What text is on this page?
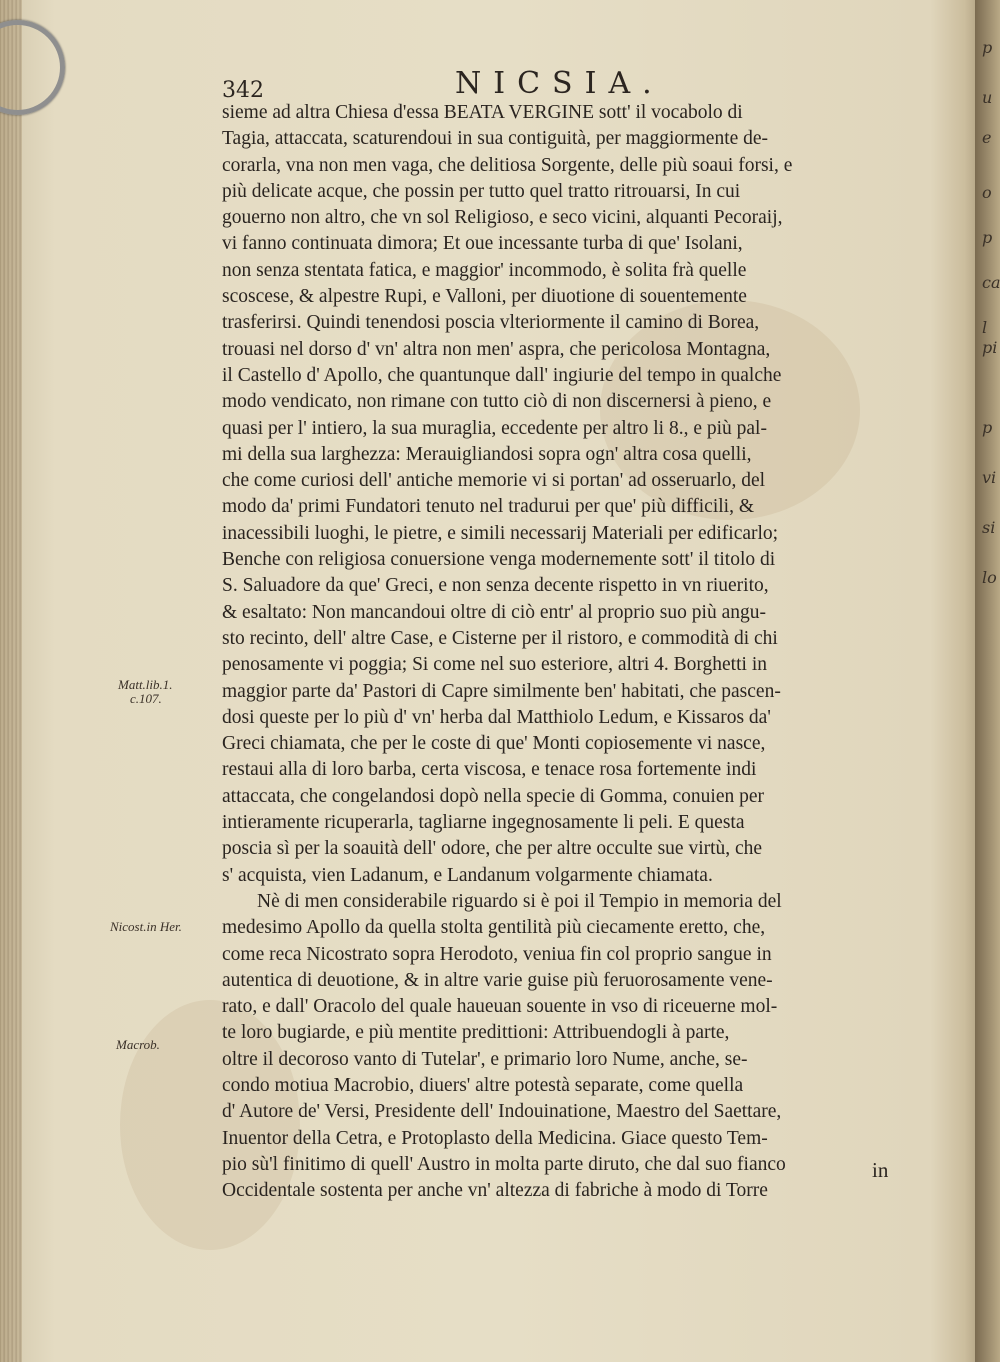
p
u
e
o
p
ca
l
pi
p
vi
si
lo
342	NICSIA.
Matt.lib.1.
c.107.
Nicost.in Her.
Macrob.
sieme ad altra Chiesa d'essa BEATA VERGINE sott' il vocabolo di
Tagia, attaccata, scaturendoui in sua contiguità, per maggiormente de-
corarla, vna non men vaga, che delitiosa Sorgente, delle più soaui forsi, e
più delicate acque, che possin per tutto quel tratto ritrouarsi, In cui
gouerno non altro, che vn sol Religioso, e seco vicini, alquanti Pecoraij,
vi fanno continuata dimora; Et oue incessante turba di que' Isolani,
non senza stentata fatica, e maggior' incommodo, è solita frà quelle
scoscese, & alpestre Rupi, e Valloni, per diuotione di souentemente
trasferirsi. Quindi tenendosi poscia vlteriormente il camino di Borea,
trouasi nel dorso d' vn' altra non men' aspra, che pericolosa Montagna,
il Castello d' Apollo, che quantunque dall' ingiurie del tempo in qualche
modo vendicato, non rimane con tutto ciò di non discernersi à pieno, e
quasi per l' intiero, la sua muraglia, eccedente per altro li 8., e più pal-
mi della sua larghezza: Merauigliandosi sopra ogn' altra cosa quelli,
che come curiosi dell' antiche memorie vi si portan' ad osseruarlo, del
modo da' primi Fundatori tenuto nel tradurui per que' più difficili, &
inacessibili luoghi, le pietre, e simili necessarij Materiali per edificarlo;
Benche con religiosa conuersione venga modernemente sott' il titolo di
S. Saluadore da que' Greci, e non senza decente rispetto in vn riuerito,
& esaltato: Non mancandoui oltre di ciò entr' al proprio suo più angu-
sto recinto, dell' altre Case, e Cisterne per il ristoro, e commodità di chi
penosamente vi poggia; Si come nel suo esteriore, altri 4. Borghetti in
maggior parte da' Pastori di Capre similmente ben' habitati, che pascen-
dosi queste per lo più d' vn' herba dal Matthiolo Ledum, e Kissaros da'
Greci chiamata, che per le coste di que' Monti copiosemente vi nasce,
restaui alla di loro barba, certa viscosa, e tenace rosa fortemente indi
attaccata, che congelandosi dopò nella specie di Gomma, conuien per
intieramente ricuperarla, tagliarne ingegnosamente li peli. E questa
poscia sì per la soauità dell' odore, che per altre occulte sue virtù, che
s' acquista, vien Ladanum, e Landanum volgarmente chiamata.
Nè di men considerabile riguardo si è poi il Tempio in memoria del
medesimo Apollo da quella stolta gentilità più ciecamente eretto, che,
come reca Nicostrato sopra Herodoto, veniua fin col proprio sangue in
autentica di deuotione, & in altre varie guise più feruorosamente vene-
rato, e dall' Oracolo del quale haueuan souente in vso di riceuerne mol-
te loro bugiarde, e più mentite predittioni: Attribuendogli à parte,
oltre il decoroso vanto di Tutelar', e primario loro Nume, anche, se-
condo motiua Macrobio, diuers' altre potestà separate, come quella
d' Autore de' Versi, Presidente dell' Indouinatione, Maestro del Saettare,
Inuentor della Cetra, e Protoplasto della Medicina. Giace questo Tem-
pio sù'l finitimo di quell' Austro in molta parte diruto, che dal suo fianco
Occidentale sostenta per anche vn' altezza di fabriche à modo di Torre
in
